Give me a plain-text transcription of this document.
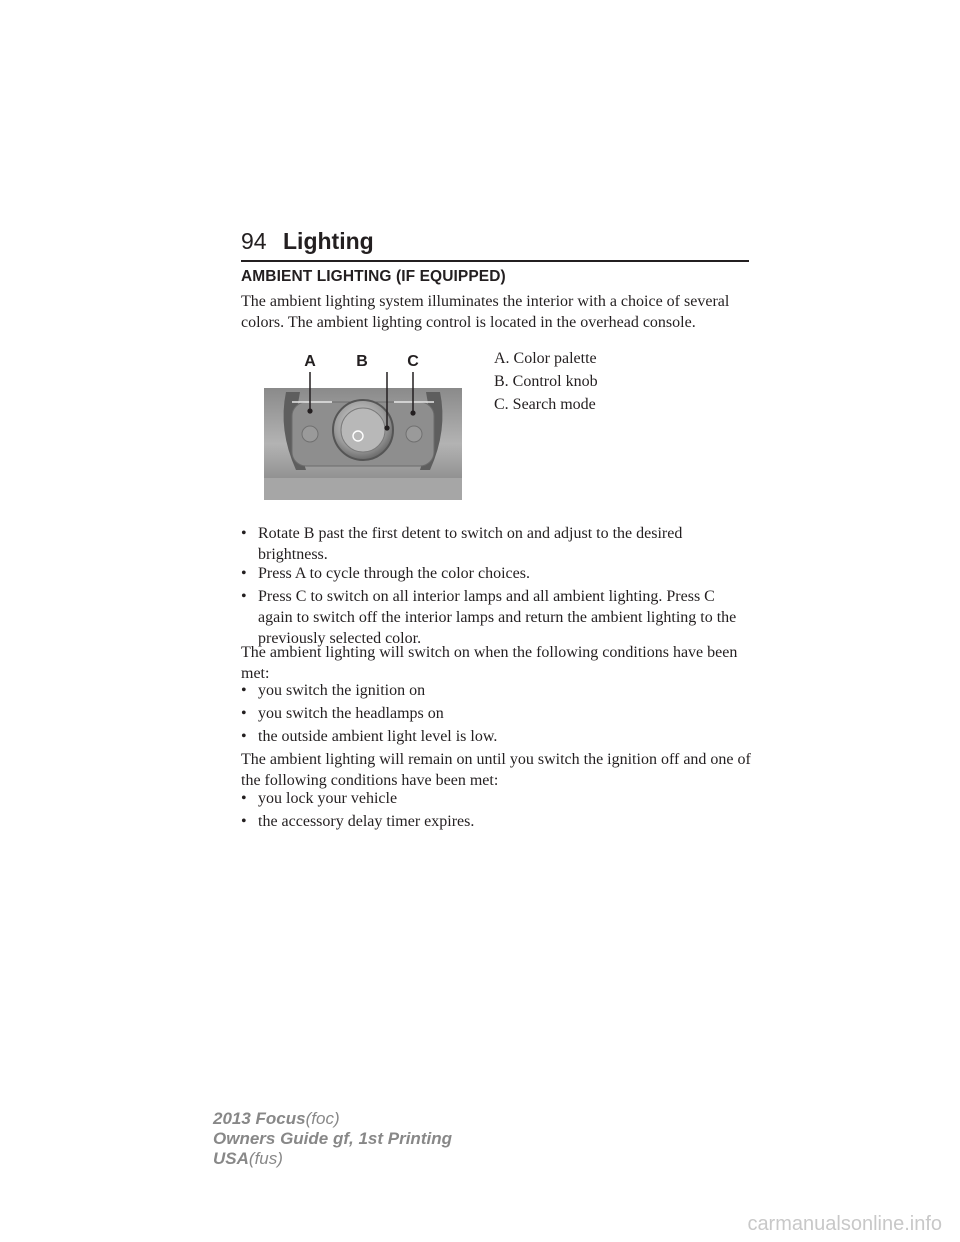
94 Lighting
AMBIENT LIGHTING (IF EQUIPPED)
The ambient lighting system illuminates the interior with a choice of several colors. The ambient lighting control is located in the overhead console.
A	B C	A. Color palette
B. Control knob
C. Search mode
• Rotate B past the first detent to switch on and adjust to the desired brightness.
• Press A to cycle through the color choices.
• Press C to switch on all interior lamps and all ambient lighting. Press C again to switch off the interior lamps and return the ambient lighting to the previously selected color.
The ambient lighting will switch on when the following conditions have been met:
• you switch the ignition on
• you switch the headlamps on
• the outside ambient light level is low.
The ambient lighting will remain on until you switch the ignition off and one of the following conditions have been met:
• you lock your vehicle
• the accessory delay timer expires.
2013 Focus(foc)
Owners Guide gf, 1st Printing
USA(fus)
carmanualsonline.info
